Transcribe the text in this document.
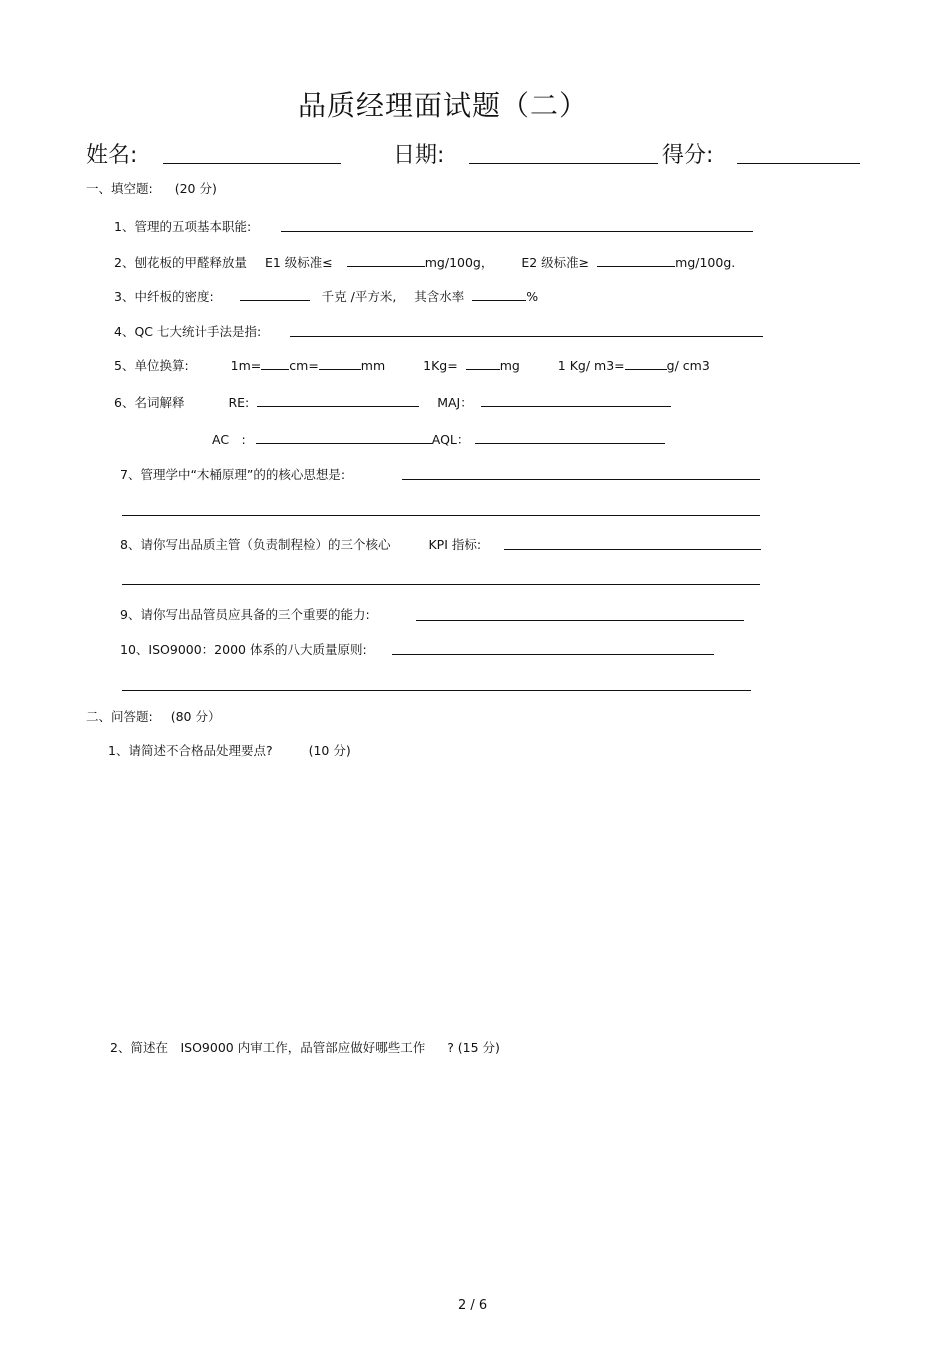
品质经理面试题（二）
姓名:	日期:	得分:
一、填空题: (20 分)
1、管理的五项基本职能:
2、刨花板的甲醛释放量 E1 级标准≤	mg/100g， E2 级标准≥	mg/100g.
3、中纤板的密度:	千克 /平方米, 其含水率	%
4、QC 七大统计手法是指:
5、单位换算:	1m= cm=	mm	1Kg=	mg	1 Kg/ m3=	g/ cm3
6、名词解释	RE:	MAJ：
AC　:	AQL：
7、管理学中“木桶原理”的的核心思想是:
8、请你写出品质主管（负责制程检）的三个核心	KPI 指标:
9、请你写出品管员应具备的三个重要的能力:
10、ISO9000：2000 体系的八大质量原则:
二、问答题: (80 分）
1、请简述不合格品处理要点?	(10 分)
2、简述在　ISO9000 内审工作，品管部应做好哪些工作 ? (15 分)
2 / 6
